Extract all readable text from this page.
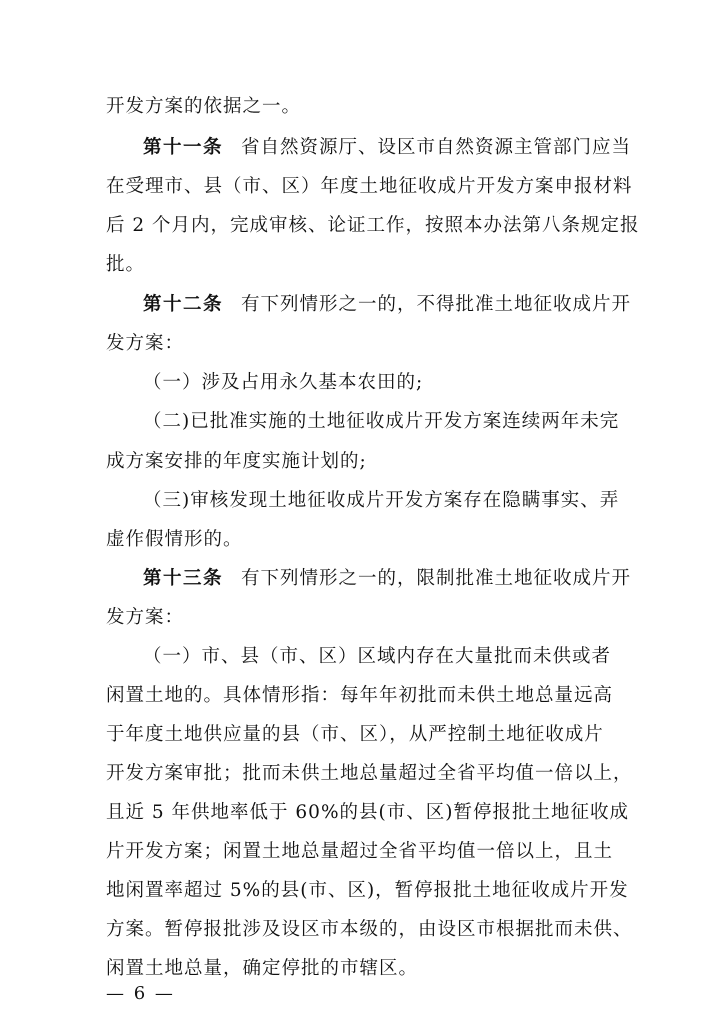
开发方案的依据之一。
第十一条 省自然资源厅、设区市自然资源主管部门应当
在受理市、县（市、区）年度土地征收成片开发方案申报材料
后 2 个月内，完成审核、论证工作，按照本办法第八条规定报
批。
第十二条 有下列情形之一的，不得批准土地征收成片开
发方案：
（一）涉及占用永久基本农田的;
（二)已批准实施的土地征收成片开发方案连续两年未完
成方案安排的年度实施计划的;
（三)审核发现土地征收成片开发方案存在隐瞒事实、弄
虚作假情形的。
第十三条 有下列情形之一的，限制批准土地征收成片开
发方案：
（一）市、县（市、区）区域内存在大量批而未供或者
闲置土地的。具体情形指：每年年初批而未供土地总量远高
于年度土地供应量的县（市、区），从严控制土地征收成片
开发方案审批；批而未供土地总量超过全省平均值一倍以上，
且近 5 年供地率低于 60%的县(市、区)暂停报批土地征收成
片开发方案；闲置土地总量超过全省平均值一倍以上，且土
地闲置率超过 5%的县(市、区)，暂停报批土地征收成片开发
方案。暂停报批涉及设区市本级的，由设区市根据批而未供、
闲置土地总量，确定停批的市辖区。
— 6 —
